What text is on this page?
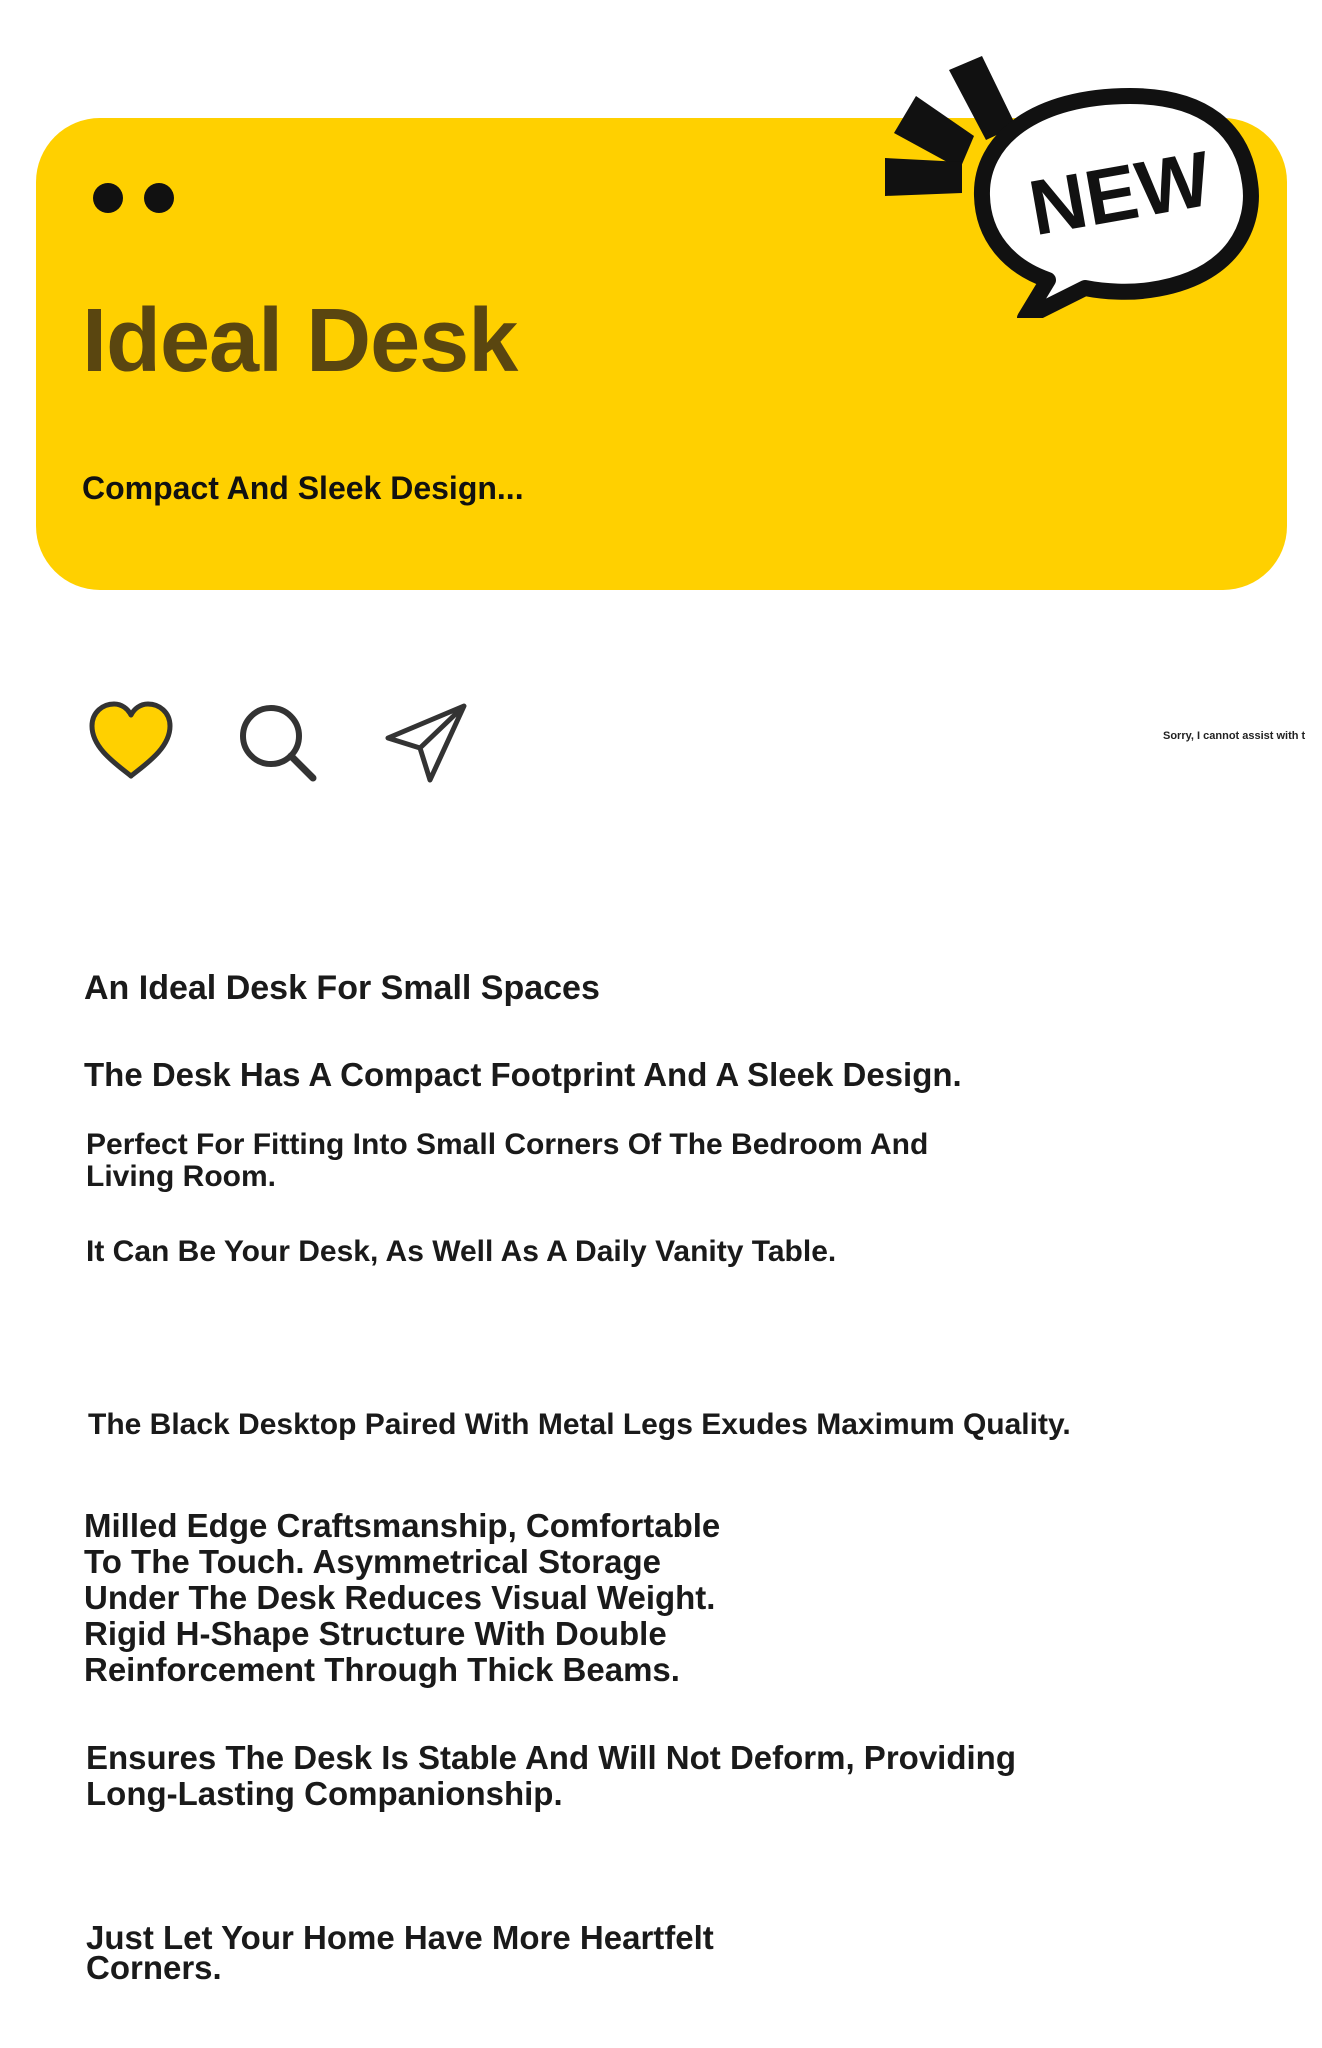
Ideal Desk
Compact And Sleek Design...
NEW
Sorry, I cannot assist with t
An Ideal Desk For Small Spaces
The Desk Has A Compact Footprint And A Sleek Design.
Perfect For Fitting Into Small Corners Of The Bedroom And
Living Room.
It Can Be Your Desk, As Well As A Daily Vanity Table.
The Black Desktop Paired With Metal Legs Exudes Maximum Quality.
Milled Edge Craftsmanship, Comfortable
To The Touch. Asymmetrical Storage
Under The Desk Reduces Visual Weight.
Rigid H-Shape Structure With Double
Reinforcement Through Thick Beams.
Ensures The Desk Is Stable And Will Not Deform, Providing
Long-Lasting Companionship.
Just Let Your Home Have More Heartfelt
Corners.
